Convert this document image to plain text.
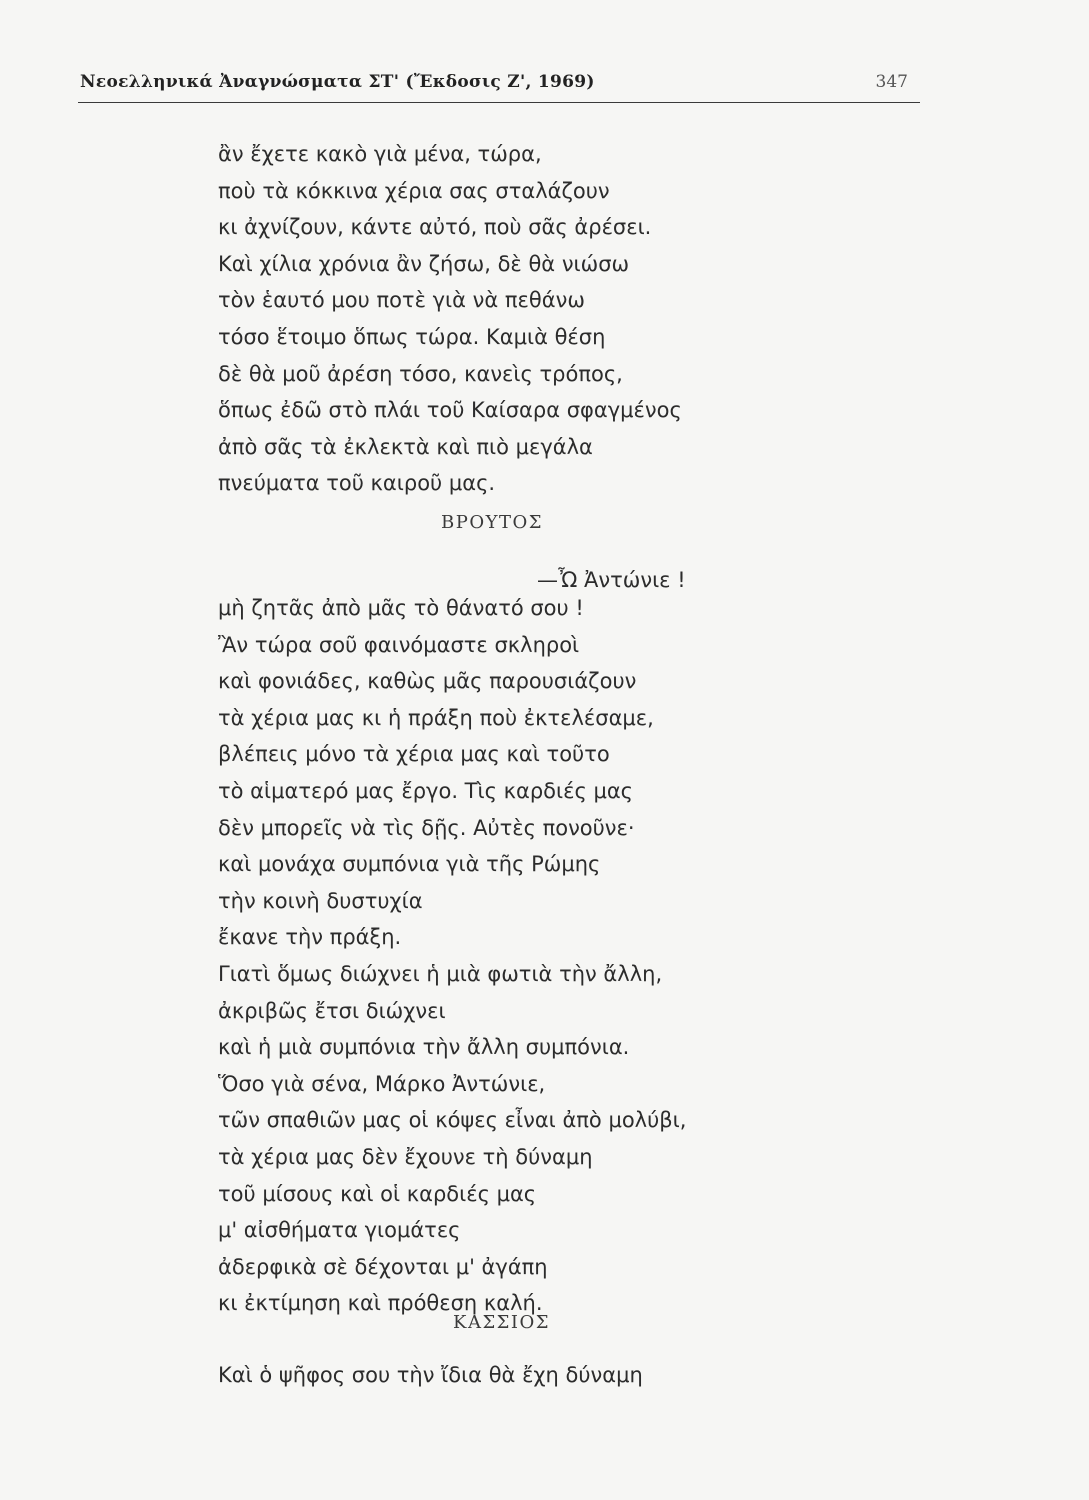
Νεοελληνικά Ἀναγνώσματα ΣΤ' (Ἔκδοσις Ζ', 1969)	347
ἂν ἔχετε κακὸ γιὰ μένα, τώρα,
ποὺ τὰ κόκκινα χέρια σας σταλάζουν
κι ἀχνίζουν, κάντε αὐτό, ποὺ σᾶς ἀρέσει.
Καὶ χίλια χρόνια ἂν ζήσω, δὲ θὰ νιώσω
τὸν ἑαυτό μου ποτὲ γιὰ νὰ πεθάνω
τόσο ἕτοιμο ὅπως τώρα. Καμιὰ θέση
δὲ θὰ μοῦ ἀρέση τόσο, κανεὶς τρόπος,
ὅπως ἐδῶ στὸ πλάι τοῦ Καίσαρα σφαγμένος
ἀπὸ σᾶς τὰ ἐκλεκτὰ καὶ πιὸ μεγάλα
πνεύματα τοῦ καιροῦ μας.
ΒΡΟΥΤΟΣ
—Ὦ Ἀντώνιε !
μὴ ζητᾶς ἀπὸ μᾶς τὸ θάνατό σου !
Ἂν τώρα σοῦ φαινόμαστε σκληροὶ
καὶ φονιάδες, καθὼς μᾶς παρουσιάζουν
τὰ χέρια μας κι ἡ πράξη ποὺ ἐκτελέσαμε,
βλέπεις μόνο τὰ χέρια μας καὶ τοῦτο
τὸ αἱματερό μας ἔργο. Τὶς καρδιές μας
δὲν μπορεῖς νὰ τὶς δῇς. Αὐτὲς πονοῦνε·
καὶ μονάχα συμπόνια γιὰ τῆς Ρώμης
τὴν κοινὴ δυστυχία
ἔκανε τὴν πράξη.
Γιατὶ ὅμως διώχνει ἡ μιὰ φωτιὰ τὴν ἄλλη,
ἀκριβῶς ἔτσι διώχνει
καὶ ἡ μιὰ συμπόνια τὴν ἄλλη συμπόνια.
Ὅσο γιὰ σένα, Μάρκο Ἀντώνιε,
τῶν σπαθιῶν μας οἱ κόψες εἶναι ἀπὸ μολύβι,
τὰ χέρια μας δὲν ἔχουνε τὴ δύναμη
τοῦ μίσους καὶ οἱ καρδιές μας
μ' αἰσθήματα γιομάτες
ἀδερφικὰ σὲ δέχονται μ' ἀγάπη
κι ἐκτίμηση καὶ πρόθεση καλή.
ΚΑΣΣΙΟΣ
Καὶ ὁ ψῆφος σου τὴν ἴδια θὰ ἔχη δύναμη
